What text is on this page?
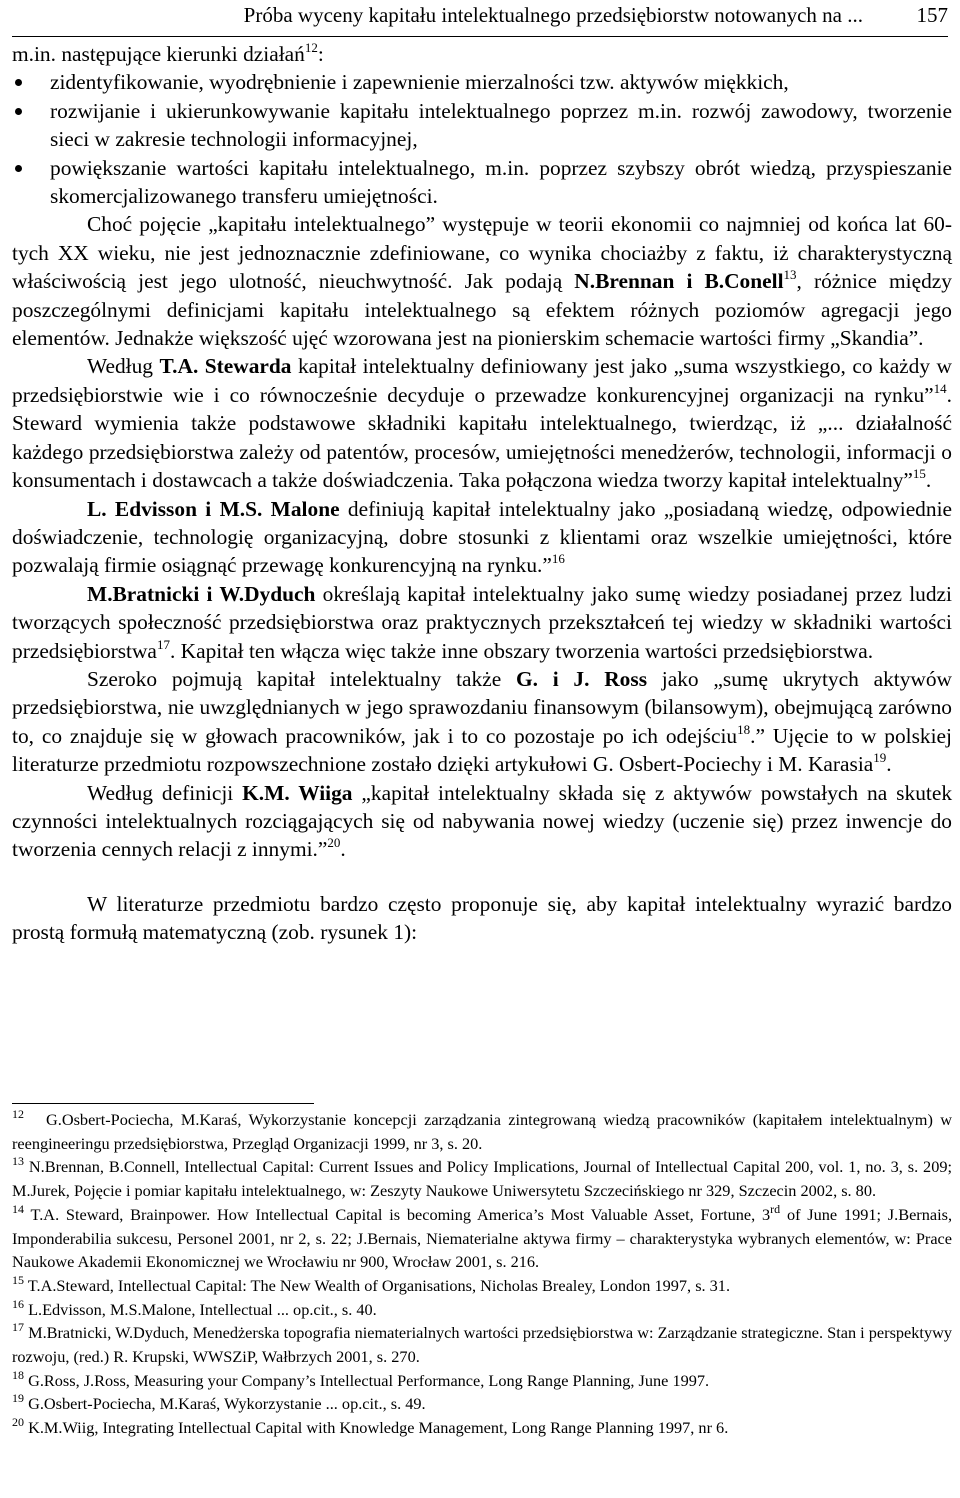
Próba wyceny kapitału intelektualnego przedsiębiorstw notowanych na ...	157

m.in. następujące kierunki działań$^{12}$:

zidentyfikowanie, wyodrębnienie i zapewnienie mierzalności tzw. aktywów miękkich,
rozwijanie i ukierunkowywanie kapitału intelektualnego poprzez m.in. rozwój zawodowy, tworzenie sieci w zakresie technologii informacyjnej,
powiększanie wartości kapitału intelektualnego, m.in. poprzez szybszy obrót wiedzą, przyspieszanie skomercjalizowanego transferu umiejętności.

Choć pojęcie „kapitału intelektualnego” występuje w teorii ekonomii co najmniej od końca lat 60-tych XX wieku, nie jest jednoznacznie zdefiniowane, co wynika chociażby z faktu, iż charakterystyczną właściwością jest jego ulotność, nieuchwytność. Jak podają N.Brennan i B.Conell$^{13}$, różnice między poszczególnymi definicjami kapitału intelektualnego są efektem różnych poziomów agregacji jego elementów. Jednakże większość ujęć wzorowana jest na pionierskim schemacie wartości firmy „Skandia”.

Według T.A. Stewarda kapitał intelektualny definiowany jest jako „suma wszystkiego, co każdy w przedsiębiorstwie wie i co równocześnie decyduje o przewadze konkurencyjnej organizacji na rynku”$^{14}$. Steward wymienia także podstawowe składniki kapitału intelektualnego, twierdząc, iż „... działalność każdego przedsiębiorstwa zależy od patentów, procesów, umiejętności menedżerów, technologii, informacji o konsumentach i dostawcach a także doświadczenia. Taka połączona wiedza tworzy kapitał intelektualny”$^{15}$.

L. Edvisson i M.S. Malone definiują kapitał intelektualny jako „posiadaną wiedzę, odpowiednie doświadczenie, technologię organizacyjną, dobre stosunki z klientami oraz wszelkie umiejętności, które pozwalają firmie osiągnąć przewagę konkurencyjną na rynku.”$^{16}$

M.Bratnicki i W.Dyduch określają kapitał intelektualny jako sumę wiedzy posiadanej przez ludzi tworzących społeczność przedsiębiorstwa oraz praktycznych przekształceń tej wiedzy w składniki wartości przedsiębiorstwa$^{17}$. Kapitał ten włącza więc także inne obszary tworzenia wartości przedsiębiorstwa.

Szeroko pojmują kapitał intelektualny także G. i J. Ross jako „sumę ukrytych aktywów przedsiębiorstwa, nie uwzględnianych w jego sprawozdaniu finansowym (bilansowym), obejmującą zarówno to, co znajduje się w głowach pracowników, jak i to co pozostaje po ich odejściu$^{18}$.” Ujęcie to w polskiej literaturze przedmiotu rozpowszechnione zostało dzięki artykułowi G. Osbert-Pociechy i M. Karasia$^{19}$.

Według definicji K.M. Wiiga „kapitał intelektualny składa się z aktywów powstałych na skutek czynności intelektualnych rozciągających się od nabywania nowej wiedzy (uczenie się) przez inwencje do tworzenia cennych relacji z innymi.”$^{20}$.

W literaturze przedmiotu bardzo często proponuje się, aby kapitał intelektualny wyrazić bardzo prostą formułą matematyczną (zob. rysunek 1):

$^{12}$ G.Osbert-Pociecha, M.Karaś, Wykorzystanie koncepcji zarządzania zintegrowaną wiedzą pracowników (kapitałem intelektualnym) w reengineeringu przedsiębiorstwa, Przegląd Organizacji 1999, nr 3, s. 20.

$^{13}$ N.Brennan, B.Connell, Intellectual Capital: Current Issues and Policy Implications, Journal of Intellectual Capital 200, vol. 1, no. 3, s. 209; M.Jurek, Pojęcie i pomiar kapitału intelektualnego, w: Zeszyty Naukowe Uniwersytetu Szczecińskiego nr 329, Szczecin 2002, s. 80.

$^{14}$ T.A. Steward, Brainpower. How Intellectual Capital is becoming America’s Most Valuable Asset, Fortune, 3rd of June 1991; J.Bernais, Imponderabilia sukcesu, Personel 2001, nr 2, s. 22; J.Bernais, Niematerialne aktywa firmy – charakterystyka wybranych elementów, w: Prace Naukowe Akademii Ekonomicznej we Wrocławiu nr 900, Wrocław 2001, s. 216.

$^{15}$ T.A.Steward, Intellectual Capital: The New Wealth of Organisations, Nicholas Brealey, London 1997, s. 31.

$^{16}$ L.Edvisson, M.S.Malone, Intellectual ... op.cit., s. 40.

$^{17}$ M.Bratnicki, W.Dyduch, Menedżerska topografia niematerialnych wartości przedsiębiorstwa w: Zarządzanie strategiczne. Stan i perspektywy rozwoju, (red.) R. Krupski, WWSZiP, Wałbrzych 2001, s. 270.

$^{18}$ G.Ross, J.Ross, Measuring your Company’s Intellectual Performance, Long Range Planning, June 1997.

$^{19}$ G.Osbert-Pociecha, M.Karaś, Wykorzystanie ... op.cit., s. 49.

$^{20}$ K.M.Wiig, Integrating Intellectual Capital with Knowledge Management, Long Range Planning 1997, nr 6.
